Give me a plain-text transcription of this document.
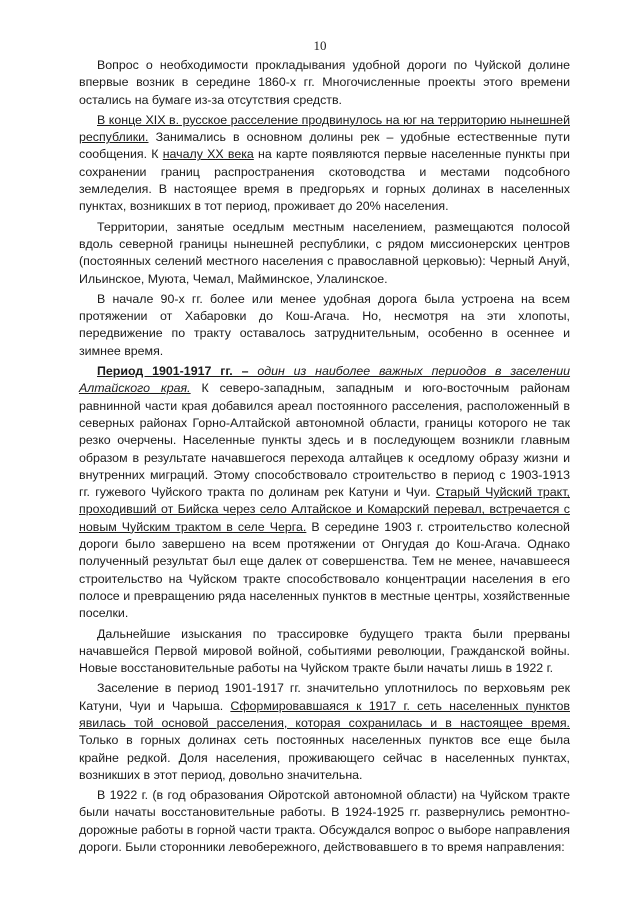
10

Вопрос о необходимости прокладывания удобной дороги по Чуйской долине впервые возник в середине 1860-х гг. Многочисленные проекты этого времени остались на бумаге из-за отсутствия средств.

В конце XIX в. русское расселение продвинулось на юг на территорию нынешней республики. Занимались в основном долины рек – удобные естественные пути сообщения. К началу XX века на карте появляются первые населенные пункты при сохранении границ распространения скотоводства и местами подсобного земледелия. В настоящее время в предгорьях и горных долинах в населенных пунктах, возникших в тот период, проживает до 20% населения.

Территории, занятые оседлым местным населением, размещаются полосой вдоль северной границы нынешней республики, с рядом миссионерских центров (постоянных селений местного населения с православной церковью): Черный Ануй, Ильинское, Муюта, Чемал, Майминское, Улалинское.

В начале 90-х гг. более или менее удобная дорога была устроена на всем протяжении от Хабаровки до Кош-Агача. Но, несмотря на эти хлопоты, передвижение по тракту оставалось затруднительным, особенно в осеннее и зимнее время.

Период 1901-1917 гг. – один из наиболее важных периодов в заселении Алтайского края. К северо-западным, западным и юго-восточным районам равнинной части края добавился ареал постоянного расселения, расположенный в северных районах Горно-Алтайской автономной области, границы которого не так резко очерчены. Населенные пункты здесь и в последующем возникли главным образом в результате начавшегося перехода алтайцев к оседлому образу жизни и внутренних миграций. Этому способствовало строительство в период с 1903-1913 гг. гужевого Чуйского тракта по долинам рек Катуни и Чуи. Старый Чуйский тракт, проходивший от Бийска через село Алтайское и Комарский перевал, встречается с новым Чуйским трактом в селе Черга. В середине 1903 г. строительство колесной дороги было завершено на всем протяжении от Онгудая до Кош-Агача. Однако полученный результат был еще далек от совершенства. Тем не менее, начавшееся строительство на Чуйском тракте способствовало концентрации населения в его полосе и превращению ряда населенных пунктов в местные центры, хозяйственные поселки.

Дальнейшие изыскания по трассировке будущего тракта были прерваны начавшейся Первой мировой войной, событиями революции, Гражданской войны. Новые восстановительные работы на Чуйском тракте были начаты лишь в 1922 г.

Заселение в период 1901-1917 гг. значительно уплотнилось по верховьям рек Катуни, Чуи и Чарыша. Сформировавшаяся к 1917 г. сеть населенных пунктов явилась той основой расселения, которая сохранилась и в настоящее время. Только в горных долинах сеть постоянных населенных пунктов все еще была крайне редкой. Доля населения, проживающего сейчас в населенных пунктах, возникших в этот период, довольно значительна.

В 1922 г. (в год образования Ойротской автономной области) на Чуйском тракте были начаты восстановительные работы. В 1924-1925 гг. развернулись ремонтно-дорожные работы в горной части тракта. Обсуждался вопрос о выборе направления дороги. Были сторонники левобережного, действовавшего в то время направления:
